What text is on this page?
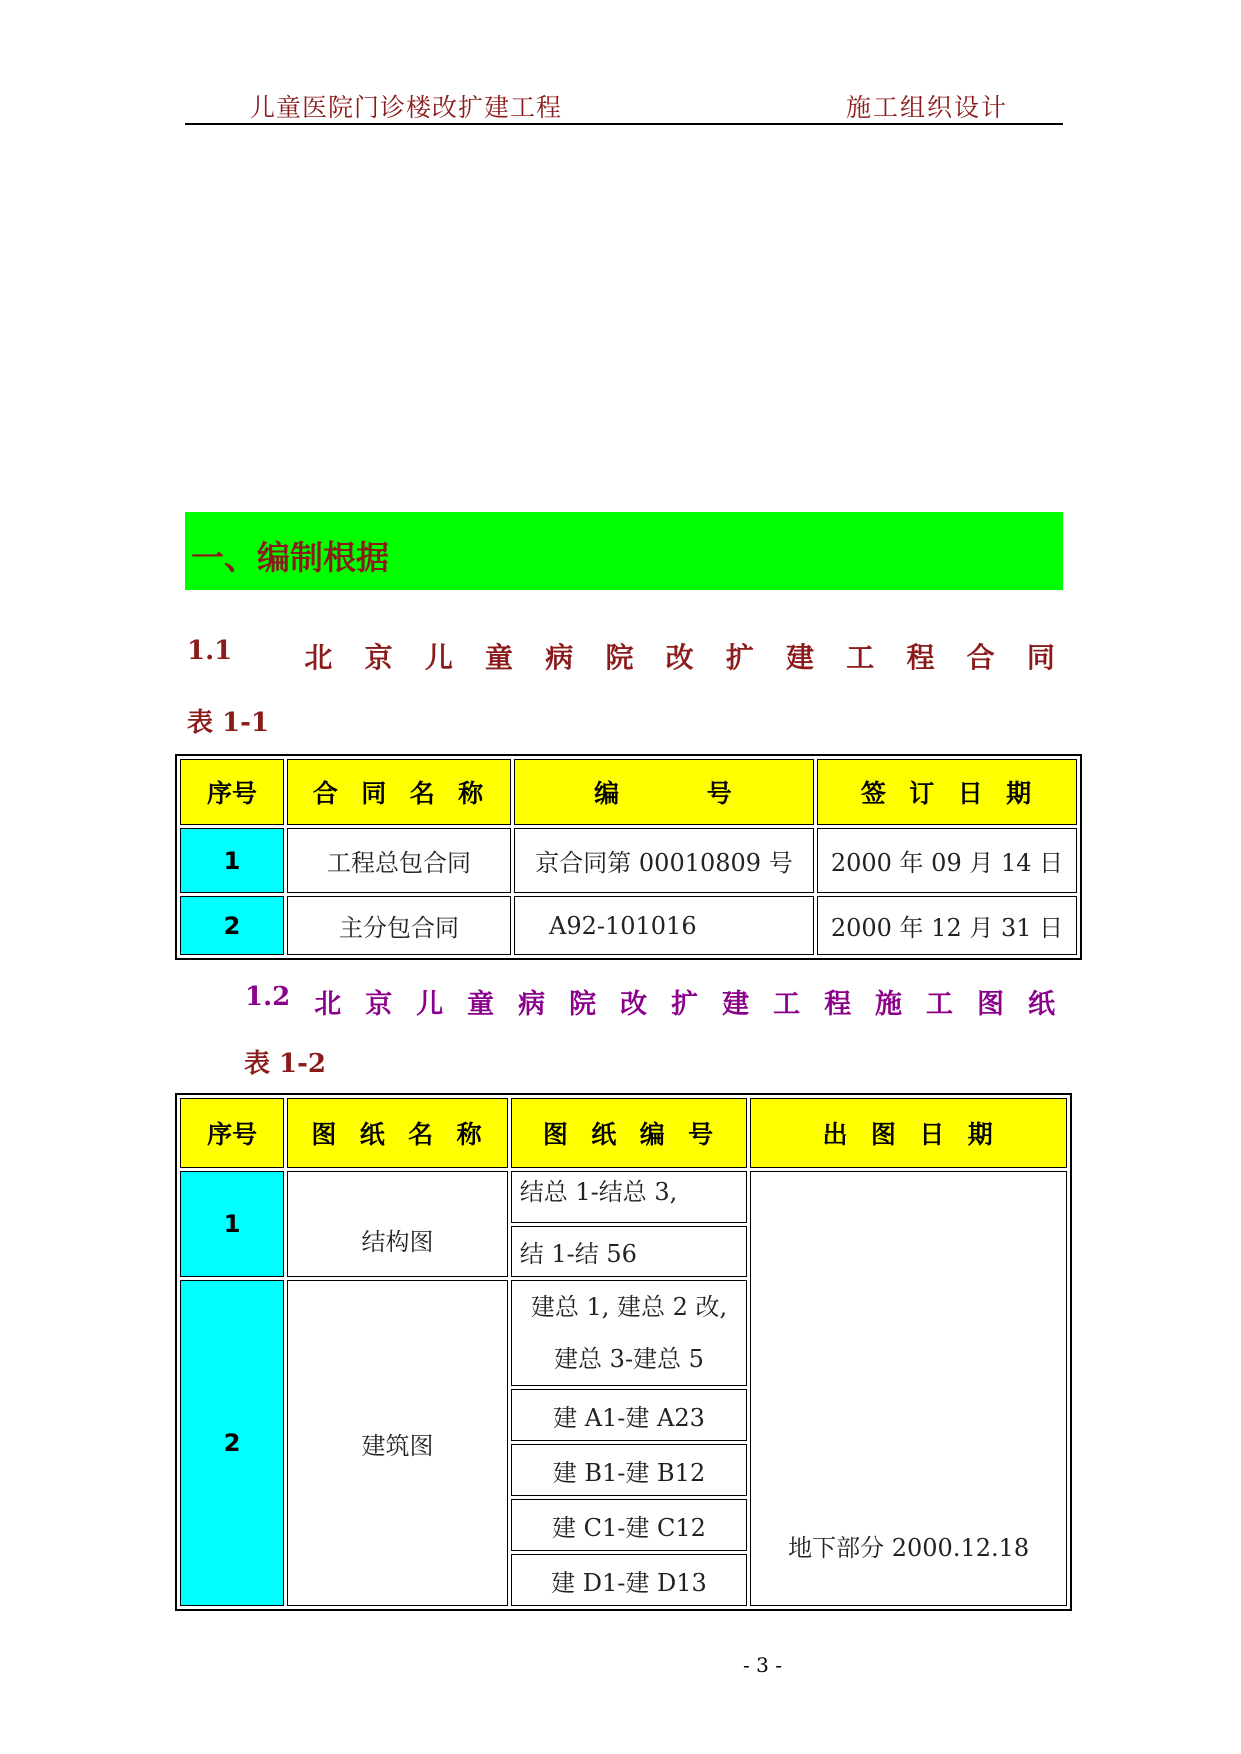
儿童医院门诊楼改扩建工程	施工组织设计
一、编制根据
1.1	北 京 儿 童 病 院 改 扩 建 工 程 合 同
表 1-1
序号	合  同  名  称	编        号	签  订  日  期
1	工程总包合同	京合同第 00010809 号	2000 年 09 月 14 日
2	主分包合同	A92-101016	2000 年 12 月 31 日
1.2 北 京 儿 童 病 院 改 扩 建 工 程 施 工 图 纸
表 1-2
序号	图  纸  名  称	图  纸  编  号	出  图  日  期
1	结构图	结总 1-结总 3,	地下部分 2000.12.18
		结 1-结 56	
2	建筑图	建总 1, 建总 2 改,
建总 3-建总 5	

		建 A1-建 A23	
		建 B1-建 B12	
		建 C1-建 C12	
		建 D1-建 D13	
- 3 -
